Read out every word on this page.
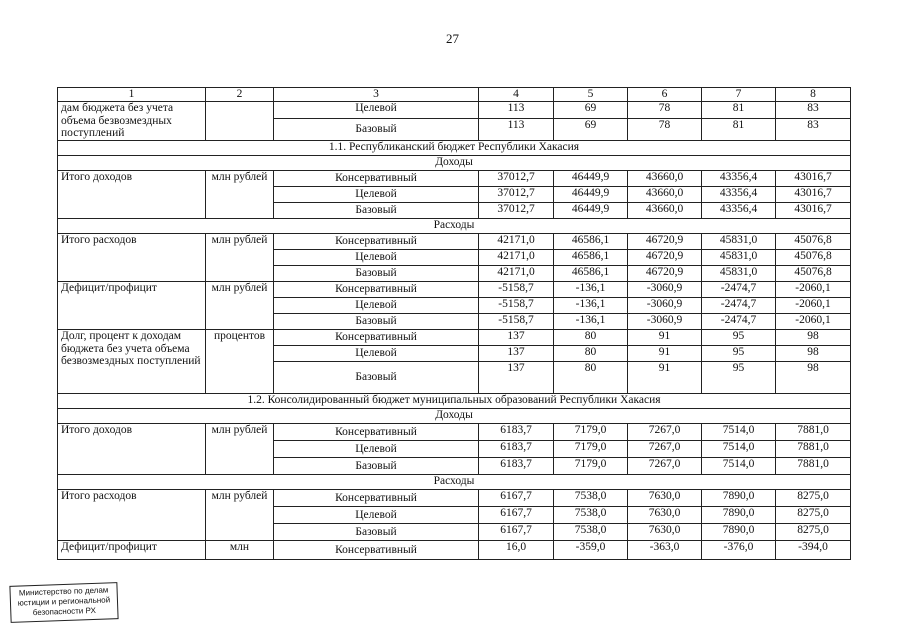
27
1	2	3	4	5	6	7	8
дам бюджета без учета объема безвозмездных поступлений		Целевой	113	69	78	81	83
		Базовый	113	69	78	81	83
1.1. Республиканский бюджет Республики Хакасия							
Доходы							
Итого доходов	млн рублей	Консервативный	37012,7	46449,9	43660,0	43356,4	43016,7
		Целевой	37012,7	46449,9	43660,0	43356,4	43016,7
		Базовый	37012,7	46449,9	43660,0	43356,4	43016,7
Расходы							
Итого расходов	млн рублей	Консервативный	42171,0	46586,1	46720,9	45831,0	45076,8
		Целевой	42171,0	46586,1	46720,9	45831,0	45076,8
		Базовый	42171,0	46586,1	46720,9	45831,0	45076,8
Дефицит/профицит	млн рублей	Консервативный	-5158,7	-136,1	-3060,9	-2474,7	-2060,1
		Целевой	-5158,7	-136,1	-3060,9	-2474,7	-2060,1
		Базовый	-5158,7	-136,1	-3060,9	-2474,7	-2060,1
Долг, процент к доходам бюджета без учета объема безвозмездных поступлений	процентов	Консервативный	137	80	91	95	98
		Целевой	137	80	91	95	98
		Базовый	137	80	91	95	98
1.2. Консолидированный бюджет муниципальных образований Республики Хакасия							
Доходы							
Итого доходов	млн рублей	Консервативный	6183,7	7179,0	7267,0	7514,0	7881,0
		Целевой	6183,7	7179,0	7267,0	7514,0	7881,0
		Базовый	6183,7	7179,0	7267,0	7514,0	7881,0
Расходы							
Итого расходов	млн рублей	Консервативный	6167,7	7538,0	7630,0	7890,0	8275,0
		Целевой	6167,7	7538,0	7630,0	7890,0	8275,0
		Базовый	6167,7	7538,0	7630,0	7890,0	8275,0
Дефицит/профицит	млн	Консервативный	16,0	-359,0	-363,0	-376,0	-394,0
Министерство по делам
юстиции и региональной
безопасности РХ
